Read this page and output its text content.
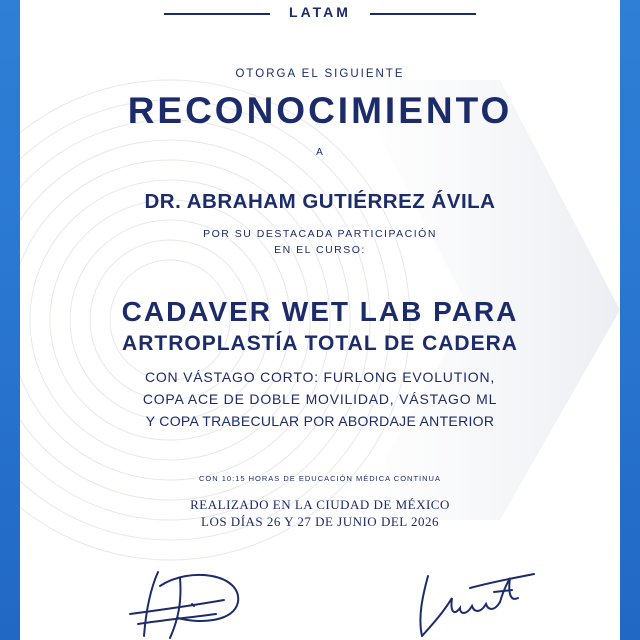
LATAM
OTORGA EL SIGUIENTE
RECONOCIMIENTO
A
DR. ABRAHAM GUTIÉRREZ ÁVILA
POR SU DESTACADA PARTICIPACIÓN
EN EL CURSO:
CADAVER WET LAB PARA
ARTROPLASTÍA TOTAL DE CADERA
CON VÁSTAGO CORTO: FURLONG EVOLUTION,
COPA ACE DE DOBLE MOVILIDAD, VÁSTAGO ML
Y COPA TRABECULAR POR ABORDAJE ANTERIOR
CON 10:15 HORAS DE EDUCACIÓN MÉDICA CONTINUA
REALIZADO EN LA CIUDAD DE MÉXICO
LOS DÍAS 26 Y 27 DE JUNIO DEL 2026
